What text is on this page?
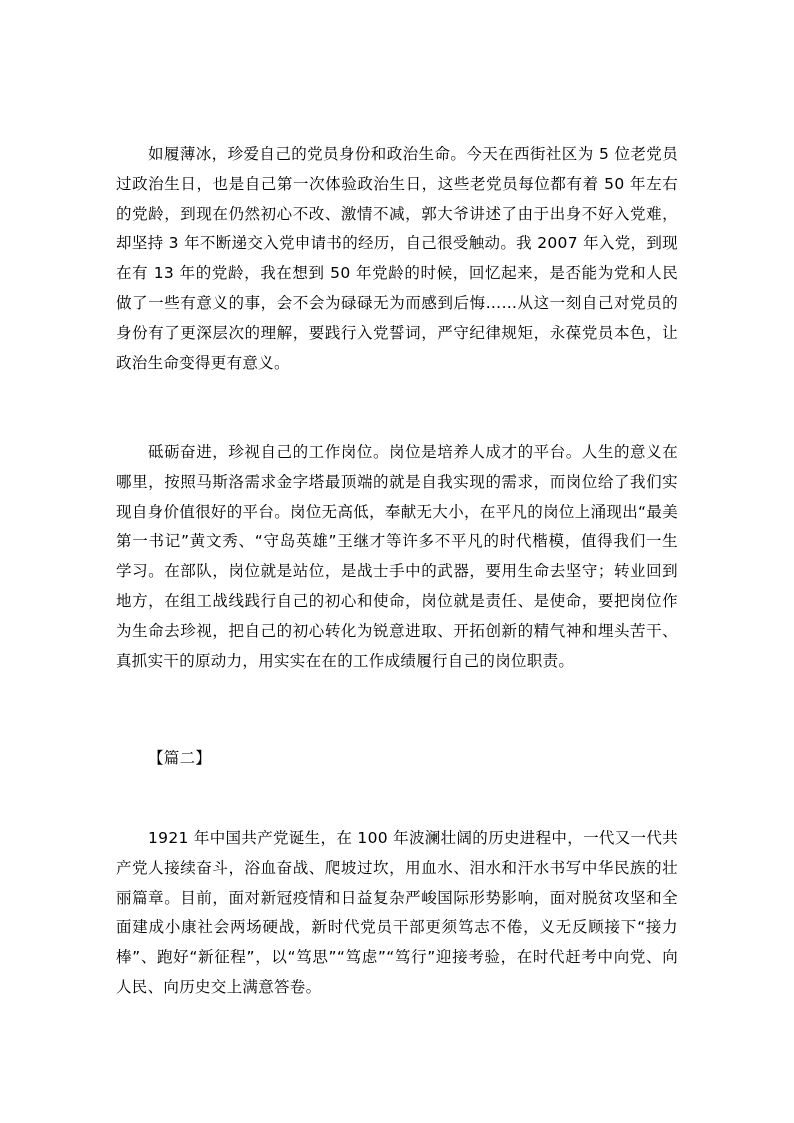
如履薄冰，珍爱自己的党员身份和政治生命。今天在西街社区为 5 位老党员过政治生日，也是自己第一次体验政治生日，这些老党员每位都有着 50 年左右的党龄，到现在仍然初心不改、激情不减，郭大爷讲述了由于出身不好入党难，却坚持 3 年不断递交入党申请书的经历，自己很受触动。我 2007 年入党，到现在有 13 年的党龄，我在想到 50 年党龄的时候，回忆起来，是否能为党和人民做了一些有意义的事，会不会为碌碌无为而感到后悔……从这一刻自己对党员的身份有了更深层次的理解，要践行入党誓词，严守纪律规矩，永葆党员本色，让政治生命变得更有意义。

砥砺奋进，珍视自己的工作岗位。岗位是培养人成才的平台。人生的意义在哪里，按照马斯洛需求金字塔最顶端的就是自我实现的需求，而岗位给了我们实现自身价值很好的平台。岗位无高低，奉献无大小，在平凡的岗位上涌现出“最美第一书记”黄文秀、“守岛英雄”王继才等许多不平凡的时代楷模，值得我们一生学习。在部队，岗位就是站位，是战士手中的武器，要用生命去坚守；转业回到地方，在组工战线践行自己的初心和使命，岗位就是责任、是使命，要把岗位作为生命去珍视，把自己的初心转化为锐意进取、开拓创新的精气神和埋头苦干、真抓实干的原动力，用实实在在的工作成绩履行自己的岗位职责。

【篇二】

1921 年中国共产党诞生，在 100 年波澜壮阔的历史进程中，一代又一代共产党人接续奋斗，浴血奋战、爬坡过坎，用血水、泪水和汗水书写中华民族的壮丽篇章。目前，面对新冠疫情和日益复杂严峻国际形势影响，面对脱贫攻坚和全面建成小康社会两场硬战，新时代党员干部更须笃志不倦，义无反顾接下“接力棒”、跑好“新征程”，以“笃思”“笃虑”“笃行”迎接考验，在时代赶考中向党、向人民、向历史交上满意答卷。
